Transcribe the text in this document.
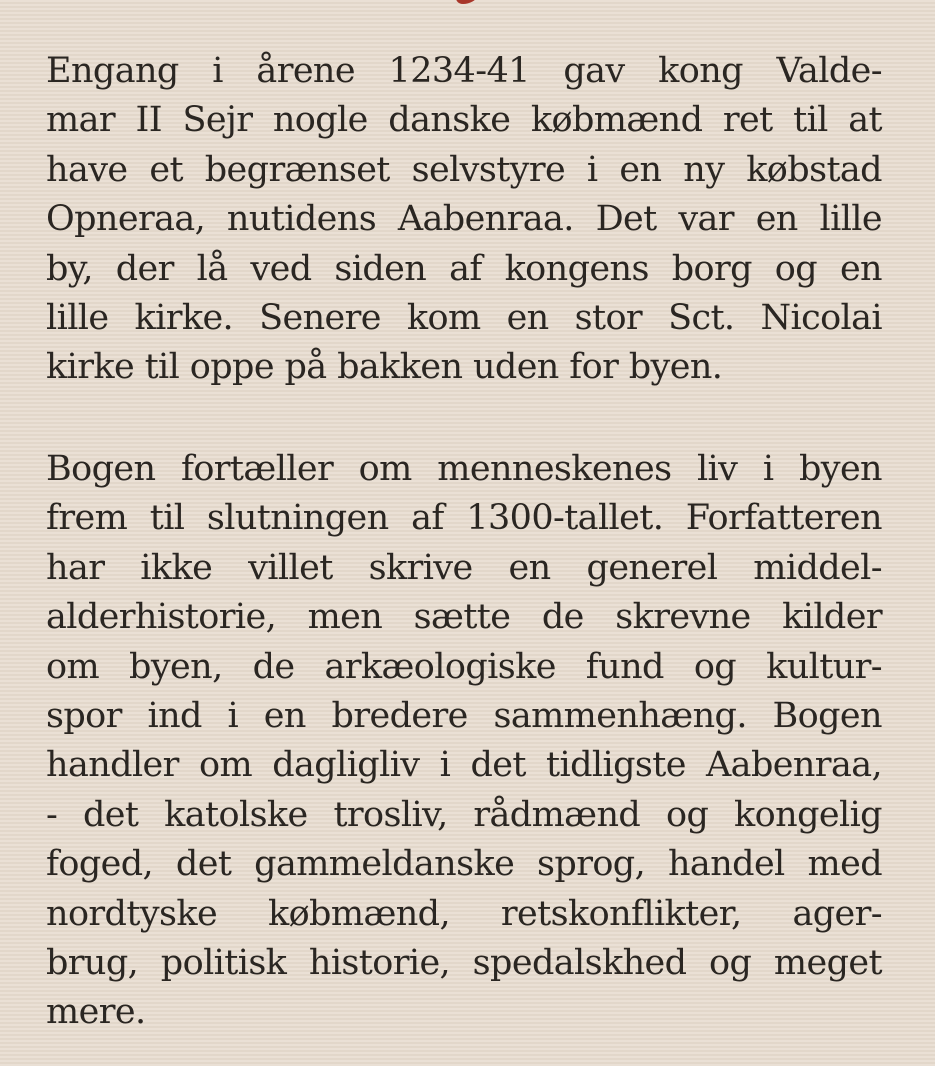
Engang i årene 1234-41 gav kong Valde-
mar II Sejr nogle danske købmænd ret til at
have et begrænset selvstyre i en ny købstad
Opneraa, nutidens Aabenraa. Det var en lille
by, der lå ved siden af kongens borg og en
lille kirke. Senere kom en stor Sct. Nicolai
kirke til oppe på bakken uden for byen.
Bogen fortæller om menneskenes liv i byen
frem til slutningen af 1300-tallet. Forfatteren
har ikke villet skrive en generel middel-
alderhistorie, men sætte de skrevne kilder
om byen, de arkæologiske fund og kultur-
spor ind i en bredere sammenhæng. Bogen
handler om dagligliv i det tidligste Aabenraa,
- det katolske trosliv, rådmænd og kongelig
foged, det gammeldanske sprog, handel med
nordtyske købmænd, retskonflikter, ager-
brug, politisk historie, spedalskhed og meget
mere.
